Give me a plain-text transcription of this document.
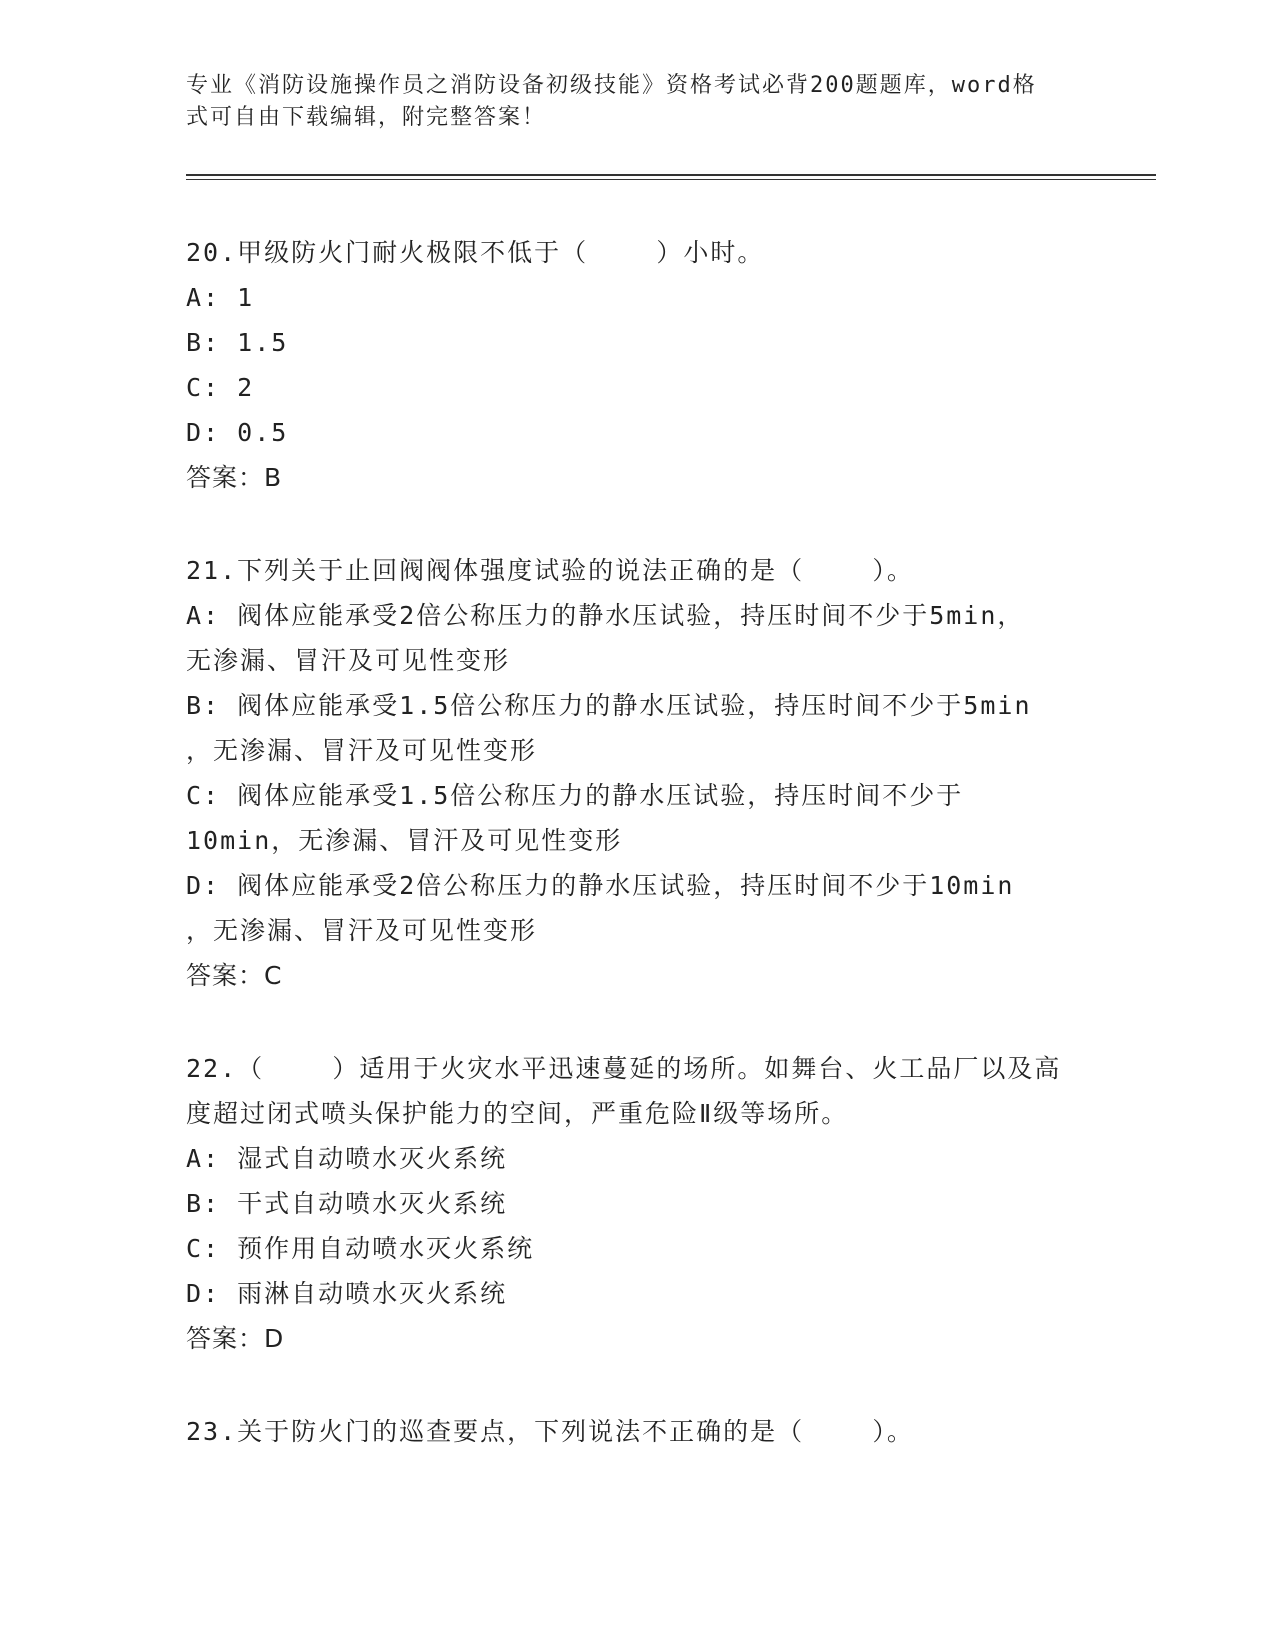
专业《消防设施操作员之消防设备初级技能》资格考试必背200题题库，word格
式可自由下载编辑，附完整答案！

20.甲级防火门耐火极限不低于（    ）小时。

A: 1

B: 1.5

C: 2

D: 0.5

答案：B

21.下列关于止回阀阀体强度试验的说法正确的是（    ）。

A: 阀体应能承受2倍公称压力的静水压试验，持压时间不少于5min，

无渗漏、冒汗及可见性变形

B: 阀体应能承受1.5倍公称压力的静水压试验，持压时间不少于5min

，无渗漏、冒汗及可见性变形

C: 阀体应能承受1.5倍公称压力的静水压试验，持压时间不少于

10min，无渗漏、冒汗及可见性变形

D: 阀体应能承受2倍公称压力的静水压试验，持压时间不少于10min

，无渗漏、冒汗及可见性变形

答案：C

22.（    ）适用于火灾水平迅速蔓延的场所。如舞台、火工品厂以及高

度超过闭式喷头保护能力的空间，严重危险Ⅱ级等场所。

A: 湿式自动喷水灭火系统

B: 干式自动喷水灭火系统

C: 预作用自动喷水灭火系统

D: 雨淋自动喷水灭火系统

答案：D

23.关于防火门的巡查要点，下列说法不正确的是（    ）。
